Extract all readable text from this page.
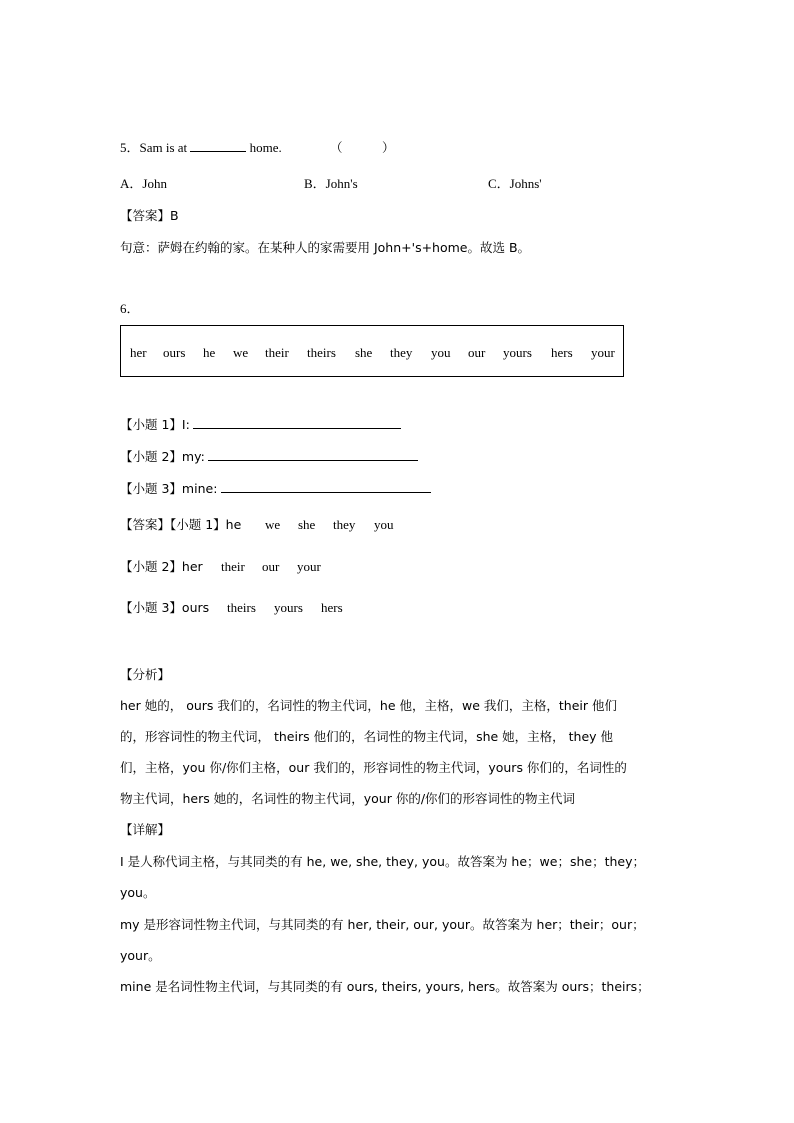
5．Sam is at	home.	（	）
A．John	B．John's	C．Johns'
【答案】B
句意：萨姆在约翰的家。在某种人的家需要用 John+'s+home。故选 B。
6．
her ours he we their theirs she they you our yours hers your
【小题 1】I:
【小题 2】my:
【小题 3】mine:
【答案】【小题 1】he we she they you
【小题 2】her their our your
【小题 3】ours theirs yours hers
【分析】
her 她的， ours 我们的，名词性的物主代词，he 他，主格，we 我们，主格，their 他们
的，形容词性的物主代词， theirs 他们的，名词性的物主代词，she 她，主格， they 他
们，主格，you 你/你们主格，our 我们的，形容词性的物主代词，yours 你们的，名词性的
物主代词，hers 她的，名词性的物主代词，your 你的/你们的形容词性的物主代词
【详解】
I 是人称代词主格，与其同类的有 he, we, she, they, you。故答案为 he；we；she；they；
you。
my 是形容词性物主代词，与其同类的有 her, their, our, your。故答案为 her；their；our；
your。
mine 是名词性物主代词，与其同类的有 ours, theirs, yours, hers。故答案为 ours；theirs；
